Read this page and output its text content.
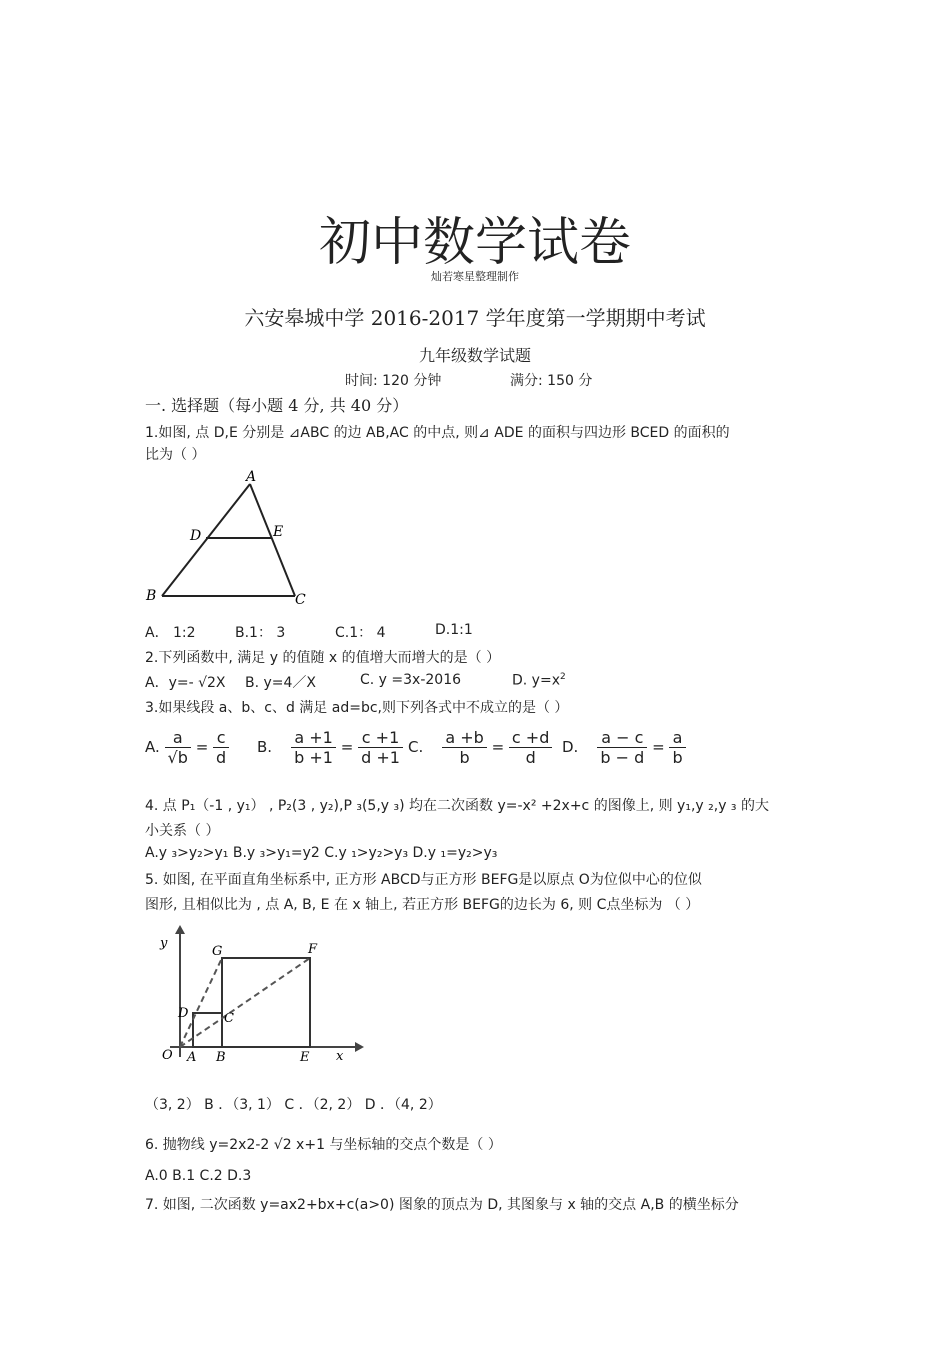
初中数学试卷
灿若寒星整理制作
六安皋城中学 2016-2017 学年度第一学期期中考试
九年级数学试题
时间: 120 分钟	满分: 150 分
一. 选择题（每小题 4 分, 共 40 分）
1.如图, 点 D,E 分别是 ⊿ABC 的边 AB,AC 的中点, 则⊿ ADE 的面积与四边形 BCED 的面积的
比为（ ）
A
D	E
B	C
A． 1:2	B.1： 3	C.1： 4	D.1:1
2.下列函数中, 满足 y 的值随 x 的值增大而增大的是（ ）
A．y=- √2X B. y=4／X	C. y =3x-2016	D. $y=x^2$
3.如果线段 a、b、c、d 满足 ad=bc,则下列各式中不成立的是（ ）
A. $\frac{a}{√b} = \frac{c}{d} B$. $\frac{a +1}{b +1} = \frac{c +1}{d +1} C$. $\frac{a +b}{b} = \frac{c +d}{d} D$. $\frac{a - c}{b - d} = \frac{a}{b}$
4. 点 P₁（-1 , y₁） , P₂(3 , y₂),P ₃(5,y ₃) 均在二次函数 y=-x² +2x+c 的图像上, 则 y₁,y ₂,y ₃ 的大
小关系（ ）
A.y ₃>y₂>y₁ B.y ₃>y₁=y2 C.y ₁>y₂>y₃ D.y ₁=y₂>y₃
5. 如图, 在平面直角坐标系中, 正方形 ABCD与正方形 BEFG是以原点 O为位似中心的位似
图形, 且相似比为 , 点 A, B, E 在 x 轴上, 若正方形 BEFG的边长为 6, 则 C点坐标为 （ ）
y
x
O A B	E
D	C
G	F
（3, 2） B ．（3, 1） C ．（2, 2） D ．（4, 2）
6. 抛物线 y=2x2-2 √2 x+1 与坐标轴的交点个数是（ ）
A.0 B.1 C.2 D.3
7. 如图, 二次函数 y=ax2+bx+c(a>0) 图象的顶点为 D, 其图象与 x 轴的交点 A,B 的横坐标分
